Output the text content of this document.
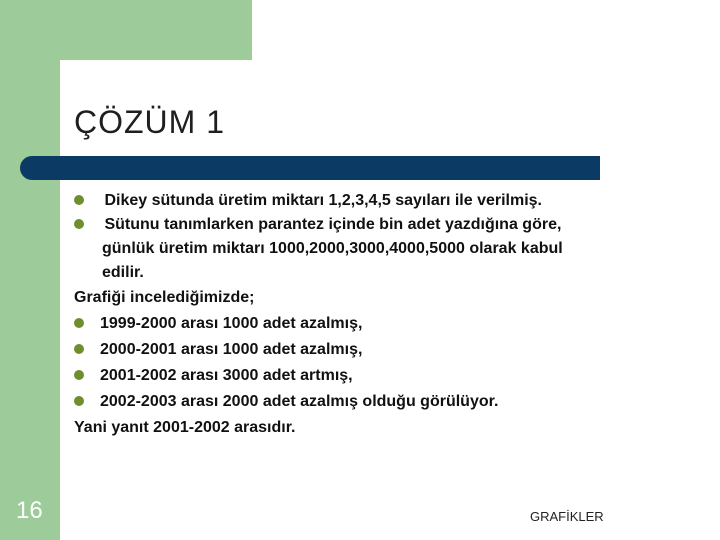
ÇÖZÜM 1
Dikey sütunda üretim miktarı 1,2,3,4,5 sayıları ile verilmiş.
Sütunu tanımlarken parantez içinde bin adet yazdığına göre,
günlük üretim miktarı 1000,2000,3000,4000,5000 olarak kabul
edilir.
Grafiği incelediğimizde;
1999-2000 arası 1000 adet azalmış,
2000-2001 arası 1000 adet azalmış,
2001-2002 arası 3000 adet artmış,
2002-2003 arası 2000 adet azalmış olduğu görülüyor.
Yani yanıt 2001-2002 arasıdır.
16	GRAFİKLER
